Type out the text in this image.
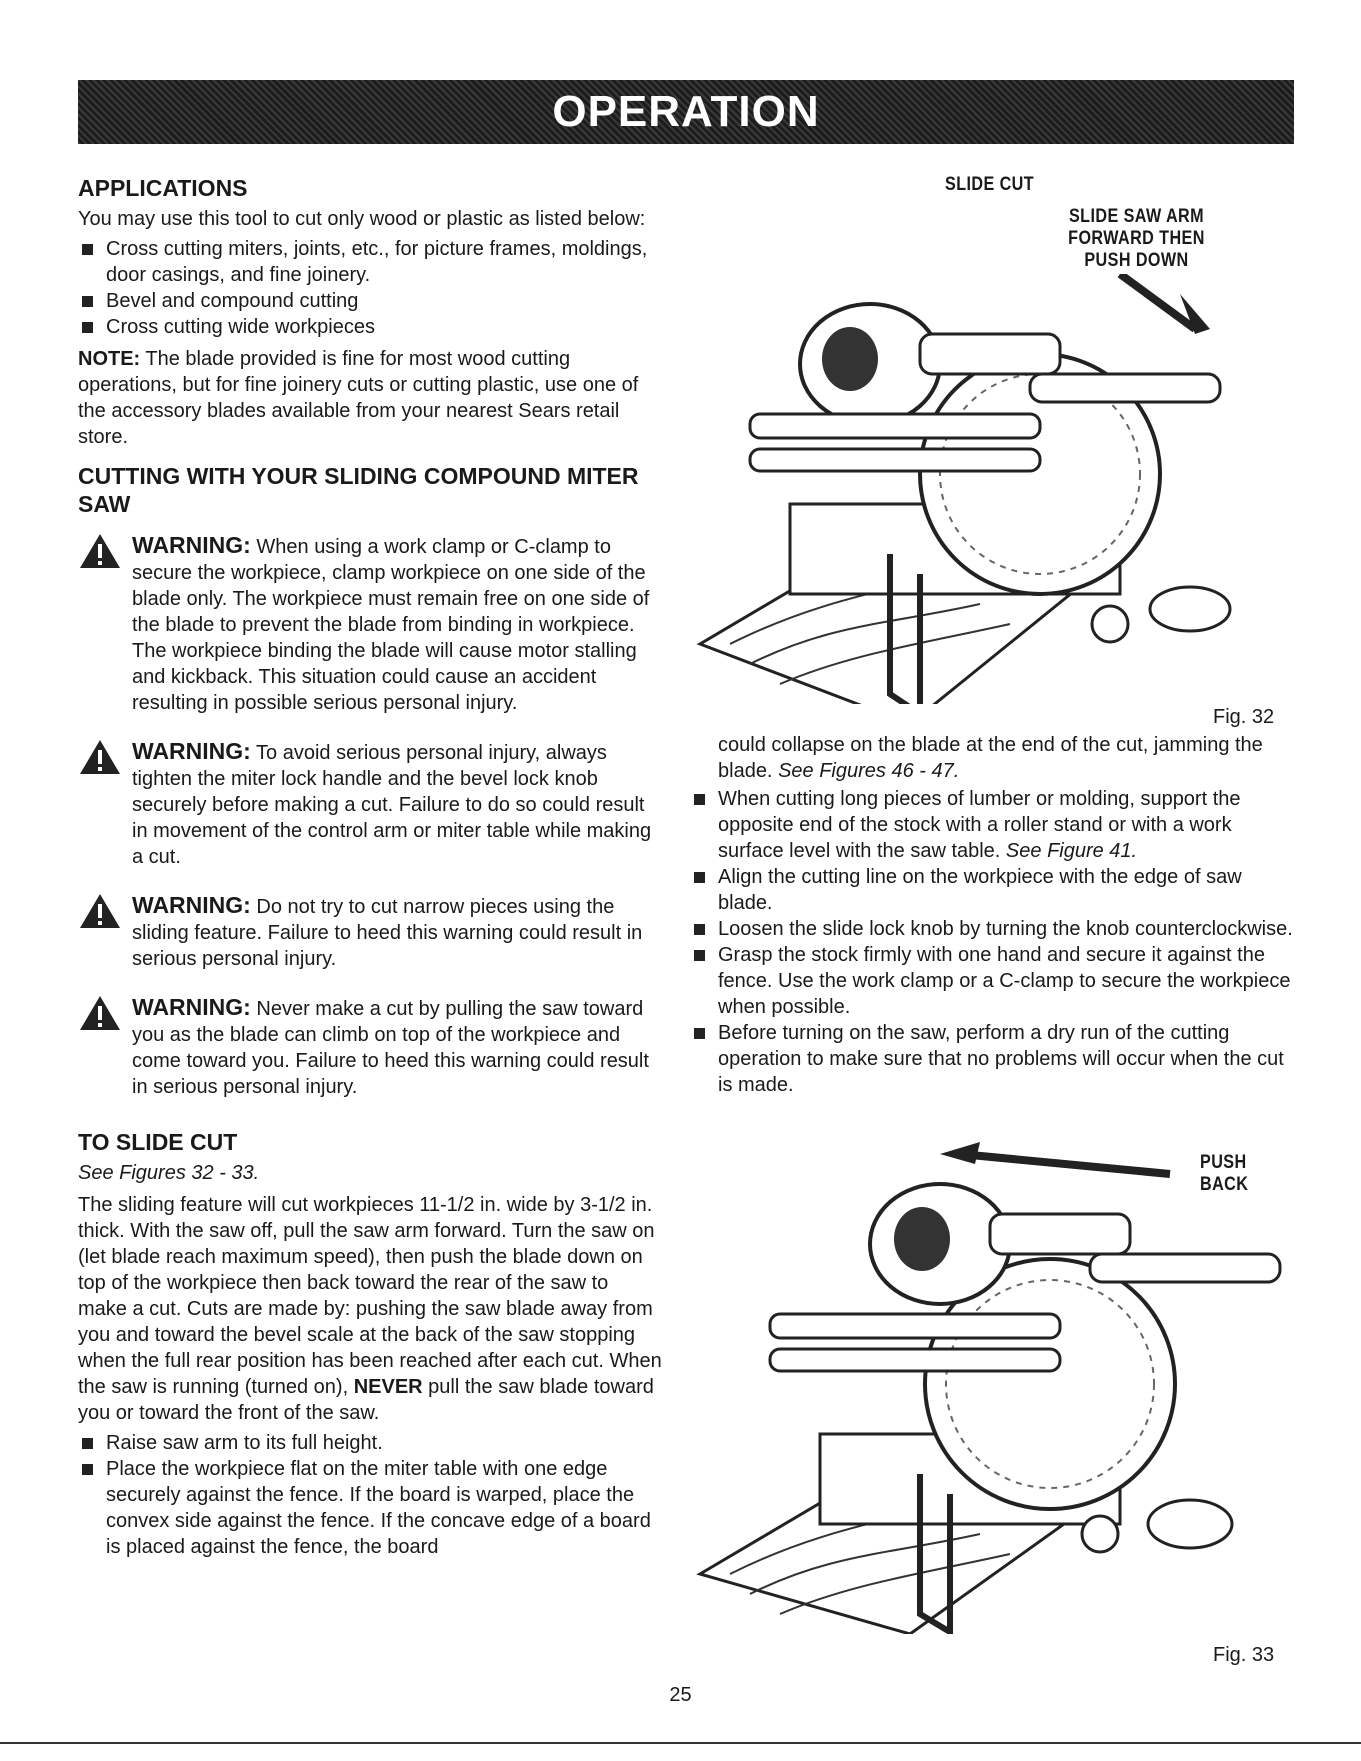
OPERATION
APPLICATIONS

You may use this tool to cut only wood or plastic as listed below:

Cross cutting miters, joints, etc., for picture frames, moldings, door casings, and fine joinery.
Bevel and compound cutting
Cross cutting wide workpieces

NOTE: The blade provided is fine for most wood cutting operations, but for fine joinery cuts or cutting plastic, use one of the accessory blades available from your nearest Sears retail store.

CUTTING WITH YOUR SLIDING COMPOUND MITER SAW

WARNING: When using a work clamp or C-clamp to secure the workpiece, clamp workpiece on one side of the blade only. The workpiece must remain free on one side of the blade to prevent the blade from binding in workpiece. The workpiece binding the blade will cause motor stalling and kickback. This situation could cause an accident resulting in possible serious personal injury.

WARNING: To avoid serious personal injury, always tighten the miter lock handle and the bevel lock knob securely before making a cut. Failure to do so could result in movement of the control arm or miter table while making a cut.

WARNING: Do not try to cut narrow pieces using the sliding feature. Failure to heed this warning could result in serious personal injury.

WARNING: Never make a cut by pulling the saw toward you as the blade can climb on top of the workpiece and come toward you. Failure to heed this warning could result in serious personal injury.

TO SLIDE CUT

See Figures 32 - 33.

The sliding feature will cut workpieces 11-1/2 in. wide by 3-1/2 in. thick. With the saw off, pull the saw arm forward. Turn the saw on (let blade reach maximum speed), then push the blade down on top of the workpiece then back toward the rear of the saw to make a cut. Cuts are made by: pushing the saw blade away from you and toward the bevel scale at the back of the saw stopping when the full rear position has been reached after each cut. When the saw is running (turned on), NEVER pull the saw blade toward you or toward the front of the saw.

Raise saw arm to its full height.
Place the workpiece flat on the miter table with one edge securely against the fence. If the board is warped, place the convex side against the fence. If the concave edge of a board is placed against the fence, the board
SLIDE CUT
SLIDE SAW ARM
FORWARD THEN
PUSH DOWN
Fig. 32

could collapse on the blade at the end of the cut, jamming the blade. See Figures 46 - 47.

When cutting long pieces of lumber or molding, support the opposite end of the stock with a roller stand or with a work surface level with the saw table. See Figure 41.
Align the cutting line on the workpiece with the edge of saw blade.
Loosen the slide lock knob by turning the knob counterclockwise.
Grasp the stock firmly with one hand and secure it against the fence. Use the work clamp or a C-clamp to secure the workpiece when possible.
Before turning on the saw, perform a dry run of the cutting operation to make sure that no problems will occur when the cut is made.
PUSH
BACK
Fig. 33
25
